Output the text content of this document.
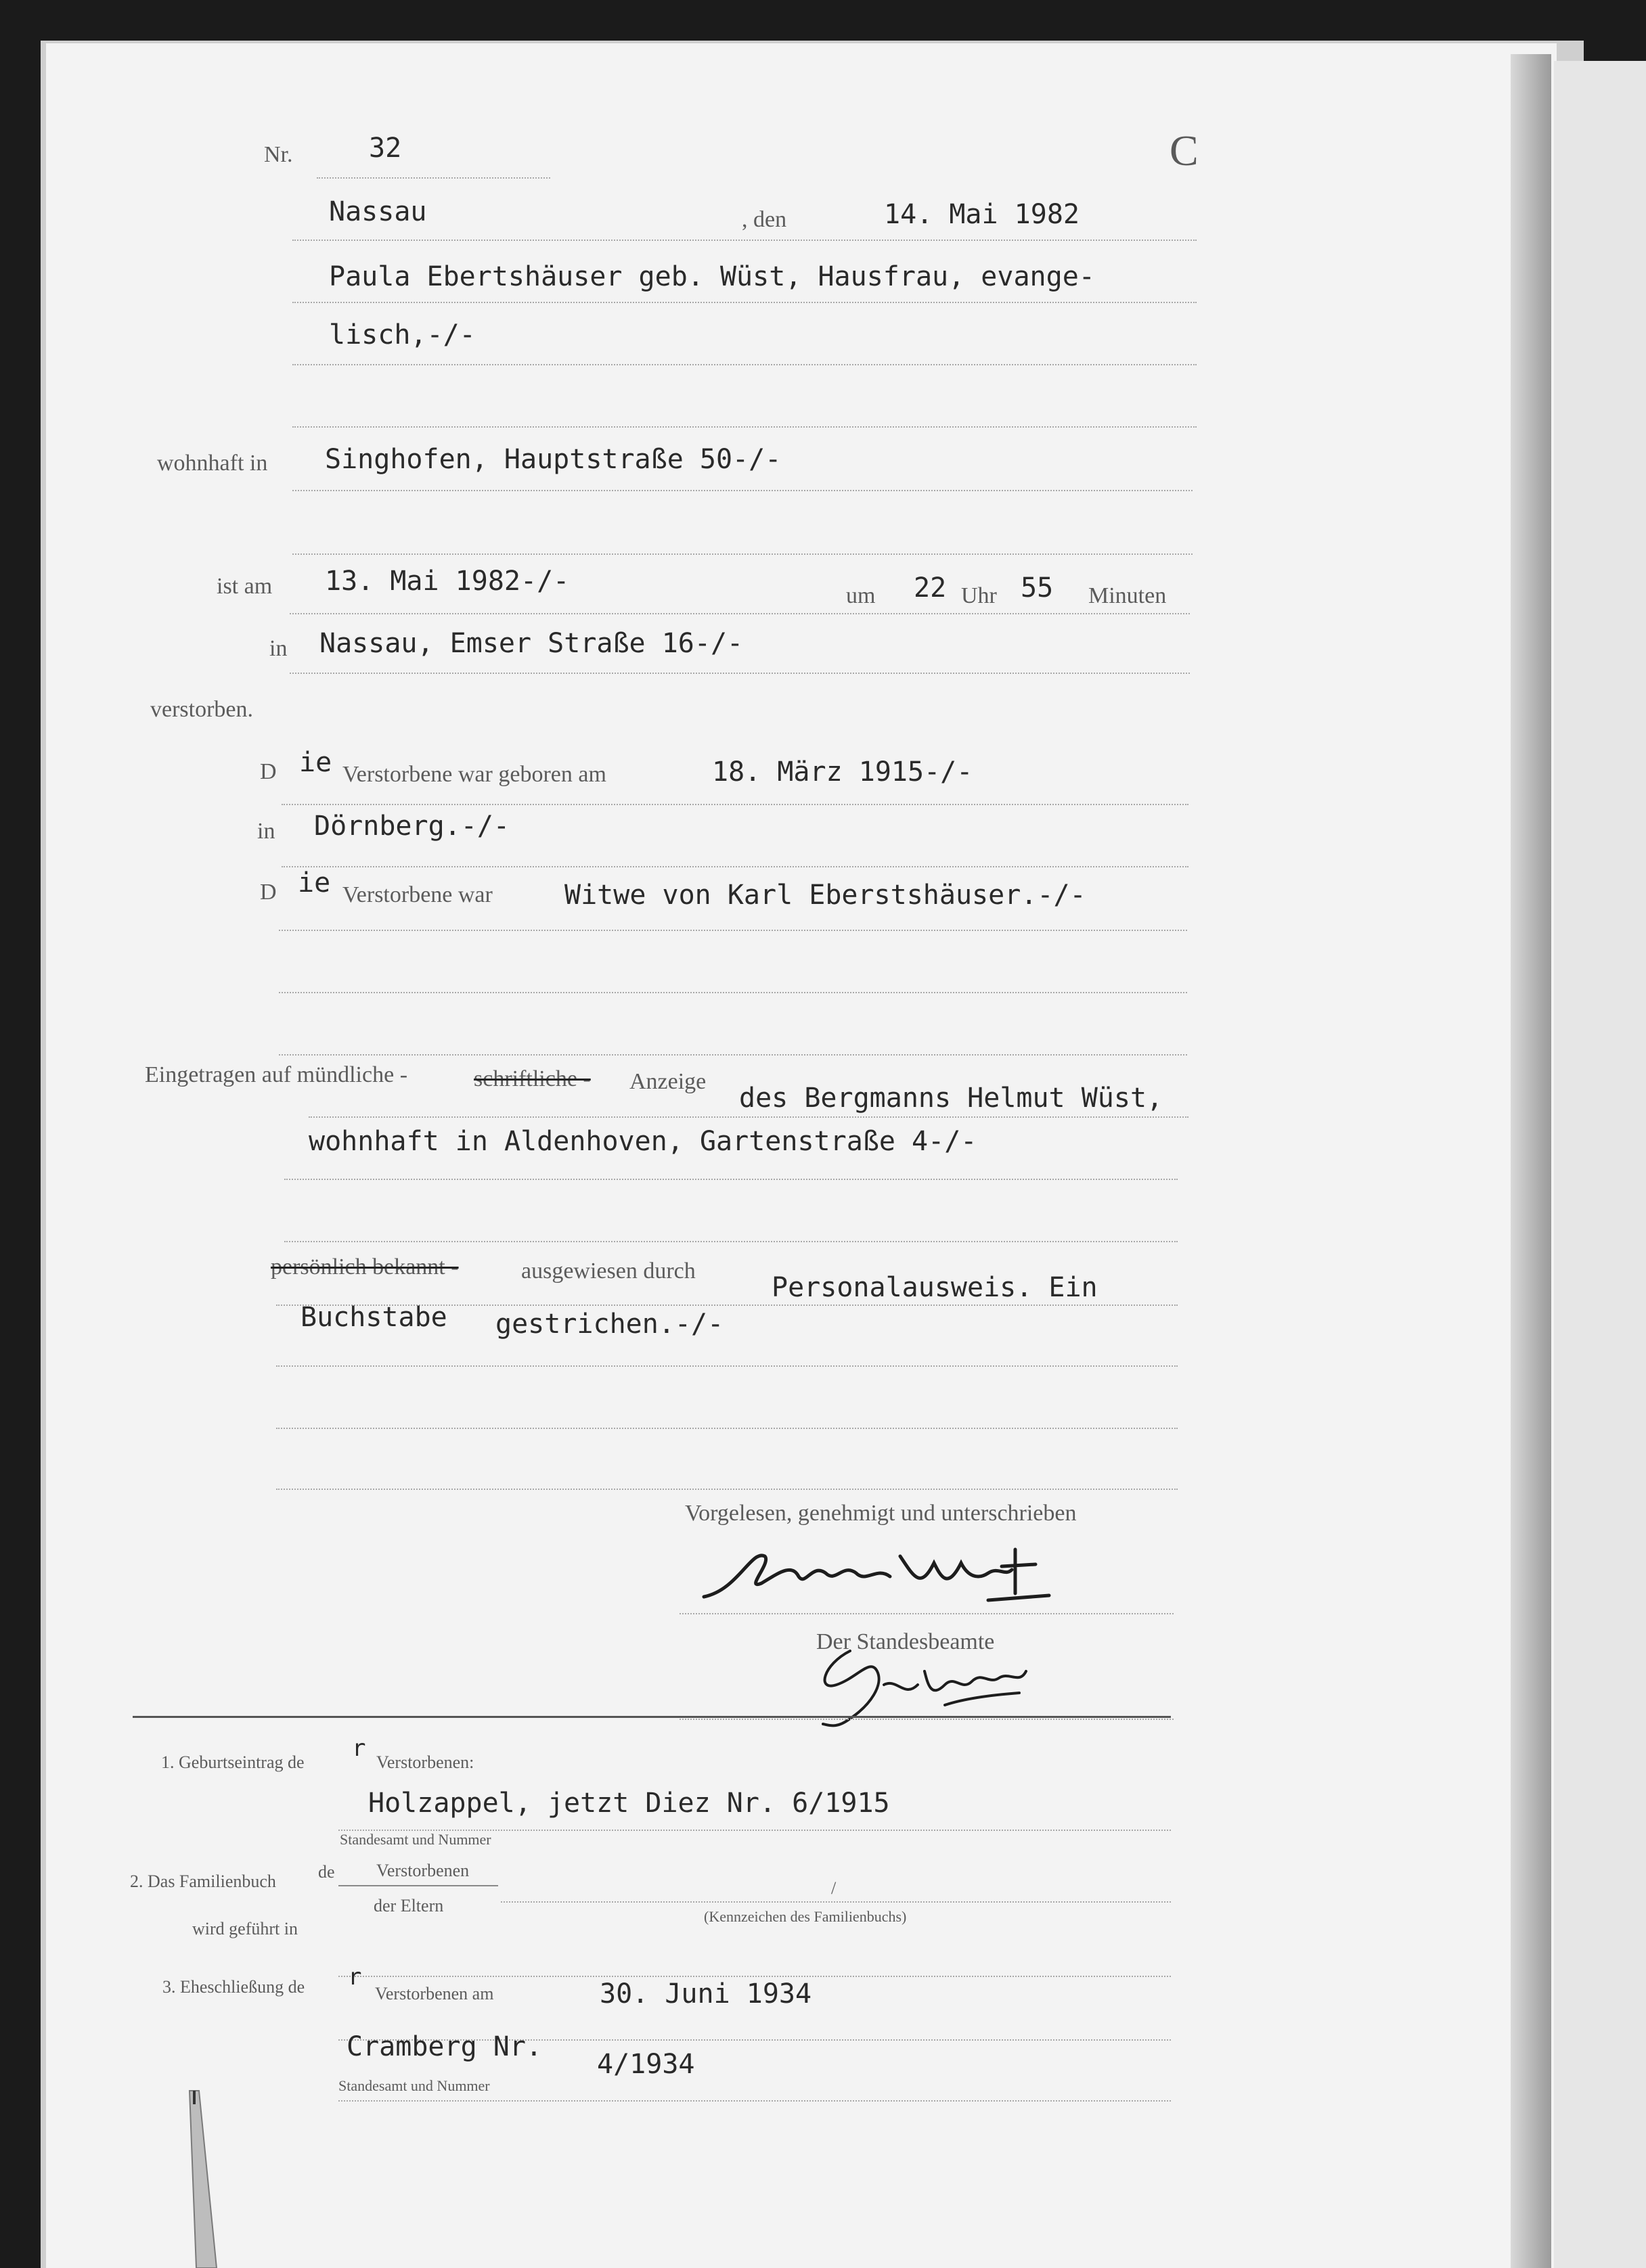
Nr.	32	C
Nassau	, den	14. Mai 1982
Paula Ebertshäuser geb. Wüst, Hausfrau, evange-
lisch,-/-
wohnhaft in Singhofen, Hauptstraße 50-/-
ist am 13. Mai 1982-/-	um 22 Uhr 55 Minuten
in Nassau, Emser Straße 16-/-
verstorben.
D ie Verstorbene war geboren am	18. März 1915-/-
in Dörnberg.-/-
D ie Verstorbene war	Witwe von Karl Eberstshäuser.-/-
Eingetragen auf mündliche -	schriftliche - Anzeige
des Bergmanns Helmut Wüst,
wohnhaft in Aldenhoven, Gartenstraße 4-/-
persönlich bekannt -	ausgewiesen durch
Personalausweis. Ein
Buchstabe gestrichen.-/-
Vorgelesen, genehmigt und unterschrieben
Der Standesbeamte
1. Geburtseintrag de
r
Verstorbenen:
Holzappel, jetzt Diez Nr. 6/1915
Standesamt und Nummer
2. Das Familienbuch de Verstorbenen
der Eltern
/
(Kennzeichen des Familienbuchs)
wird geführt in
3. Eheschließung de r
Verstorbenen am	30. Juni 1934
Cramberg Nr.
4/1934
Standesamt und Nummer
